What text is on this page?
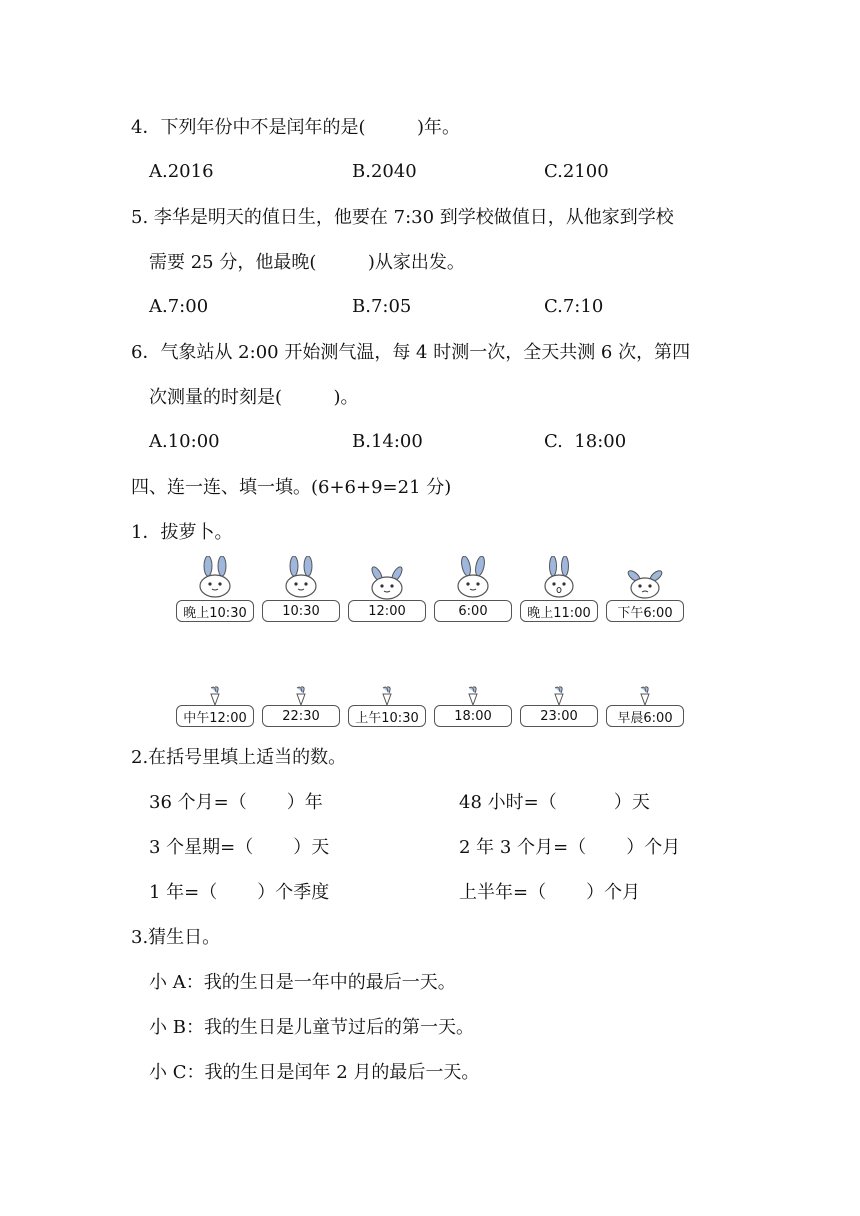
4．下列年份中不是闰年的是(         )年。
A.2016	B.2040	C.2100
5. 李华是明天的值日生，他要在 7:30 到学校做值日，从他家到学校
需要 25 分，他最晚(         )从家出发。
A.7:00	B.7:05	C.7:10
6．气象站从 2:00 开始测气温，每 4 时测一次，全天共测 6 次，第四
次测量的时刻是(         )。
A.10:00	B.14:00	C.  18:00
四、连一连、填一填。(6+6+9=21 分)
1．拔萝卜。
晚上10:30	10:30	12:00	6:00	晚上11:00	下午6:00
中午12:00	22:30	上午10:30	18:00	23:00	早晨6:00
2.在括号里填上适当的数。
36 个月=（       ）年	48 小时=（          ）天
3 个星期=（       ）天	2 年 3 个月=（       ）个月
1 年=（       ）个季度	上半年=（       ）个月
3.猜生日。
小 A：我的生日是一年中的最后一天。
小 B：我的生日是儿童节过后的第一天。
小 C：我的生日是闰年 2 月的最后一天。
